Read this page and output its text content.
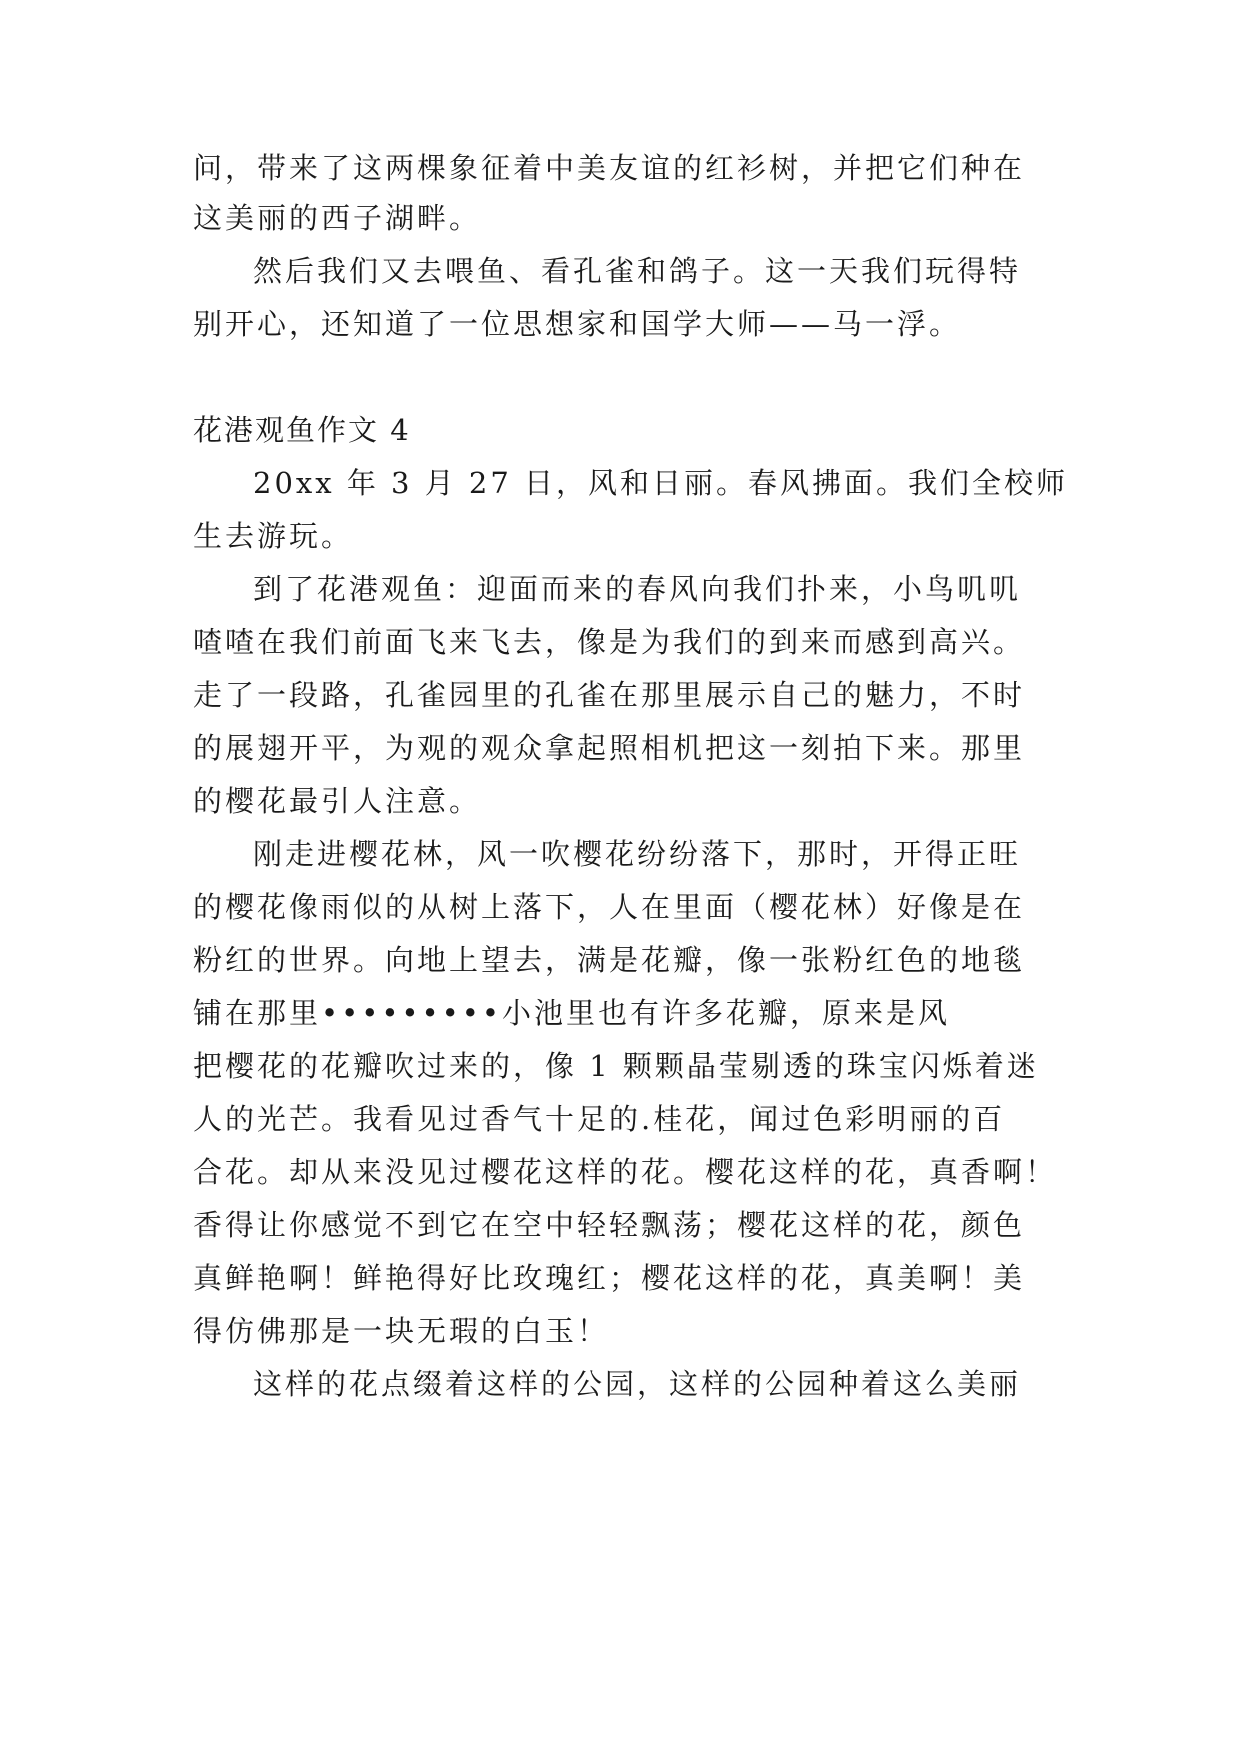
问，带来了这两棵象征着中美友谊的红衫树，并把它们种在

这美丽的西子湖畔。

然后我们又去喂鱼、看孔雀和鸽子。这一天我们玩得特

别开心，还知道了一位思想家和国学大师——马一浮。

花港观鱼作文 4

20xx 年 3 月 27 日，风和日丽。春风拂面。我们全校师

生去游玩。

到了花港观鱼：迎面而来的春风向我们扑来，小鸟叽叽

喳喳在我们前面飞来飞去，像是为我们的到来而感到高兴。

走了一段路，孔雀园里的孔雀在那里展示自己的魅力，不时

的展翅开平，为观的观众拿起照相机把这一刻拍下来。那里

的樱花最引人注意。

刚走进樱花林，风一吹樱花纷纷落下，那时，开得正旺

的樱花像雨似的从树上落下，人在里面（樱花林）好像是在

粉红的世界。向地上望去，满是花瓣，像一张粉红色的地毯

铺在那里•••••••••小池里也有许多花瓣，原来是风

把樱花的花瓣吹过来的，像 1 颗颗晶莹剔透的珠宝闪烁着迷

人的光芒。我看见过香气十足的.桂花，闻过色彩明丽的百

合花。却从来没见过樱花这样的花。樱花这样的花，真香啊！

香得让你感觉不到它在空中轻轻飘荡；樱花这样的花，颜色

真鲜艳啊！鲜艳得好比玫瑰红；樱花这样的花，真美啊！美

得仿佛那是一块无瑕的白玉！

这样的花点缀着这样的公园，这样的公园种着这么美丽
